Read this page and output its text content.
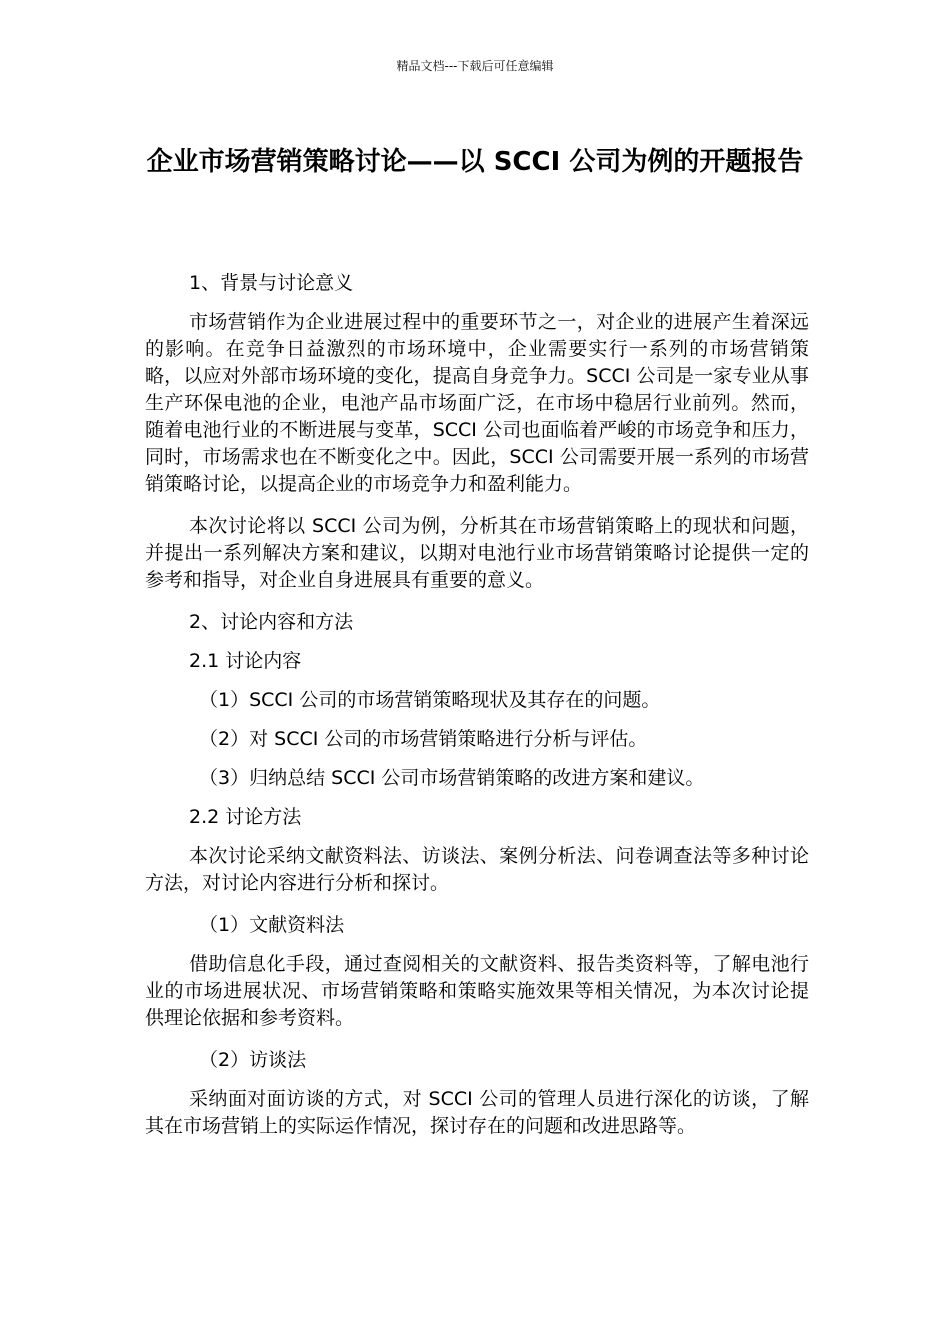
精品文档---下载后可任意编辑
企业市场营销策略讨论——以 SCCI 公司为例的开题报告

1、背景与讨论意义

市场营销作为企业进展过程中的重要环节之一，对企业的进展产生着深远的影响。在竞争日益激烈的市场环境中，企业需要实行一系列的市场营销策略，以应对外部市场环境的变化，提高自身竞争力。SCCI 公司是一家专业从事生产环保电池的企业，电池产品市场面广泛，在市场中稳居行业前列。然而，随着电池行业的不断进展与变革，SCCI 公司也面临着严峻的市场竞争和压力，同时，市场需求也在不断变化之中。因此，SCCI 公司需要开展一系列的市场营销策略讨论，以提高企业的市场竞争力和盈利能力。

本次讨论将以 SCCI 公司为例，分析其在市场营销策略上的现状和问题，并提出一系列解决方案和建议，以期对电池行业市场营销策略讨论提供一定的参考和指导，对企业自身进展具有重要的意义。

2、讨论内容和方法

2.1 讨论内容

（1）SCCI 公司的市场营销策略现状及其存在的问题。

（2）对 SCCI 公司的市场营销策略进行分析与评估。

（3）归纳总结 SCCI 公司市场营销策略的改进方案和建议。

2.2 讨论方法

本次讨论采纳文献资料法、访谈法、案例分析法、问卷调查法等多种讨论方法，对讨论内容进行分析和探讨。

（1）文献资料法

借助信息化手段，通过查阅相关的文献资料、报告类资料等，了解电池行业的市场进展状况、市场营销策略和策略实施效果等相关情况，为本次讨论提供理论依据和参考资料。

（2）访谈法

采纳面对面访谈的方式，对 SCCI 公司的管理人员进行深化的访谈，了解其在市场营销上的实际运作情况，探讨存在的问题和改进思路等。
